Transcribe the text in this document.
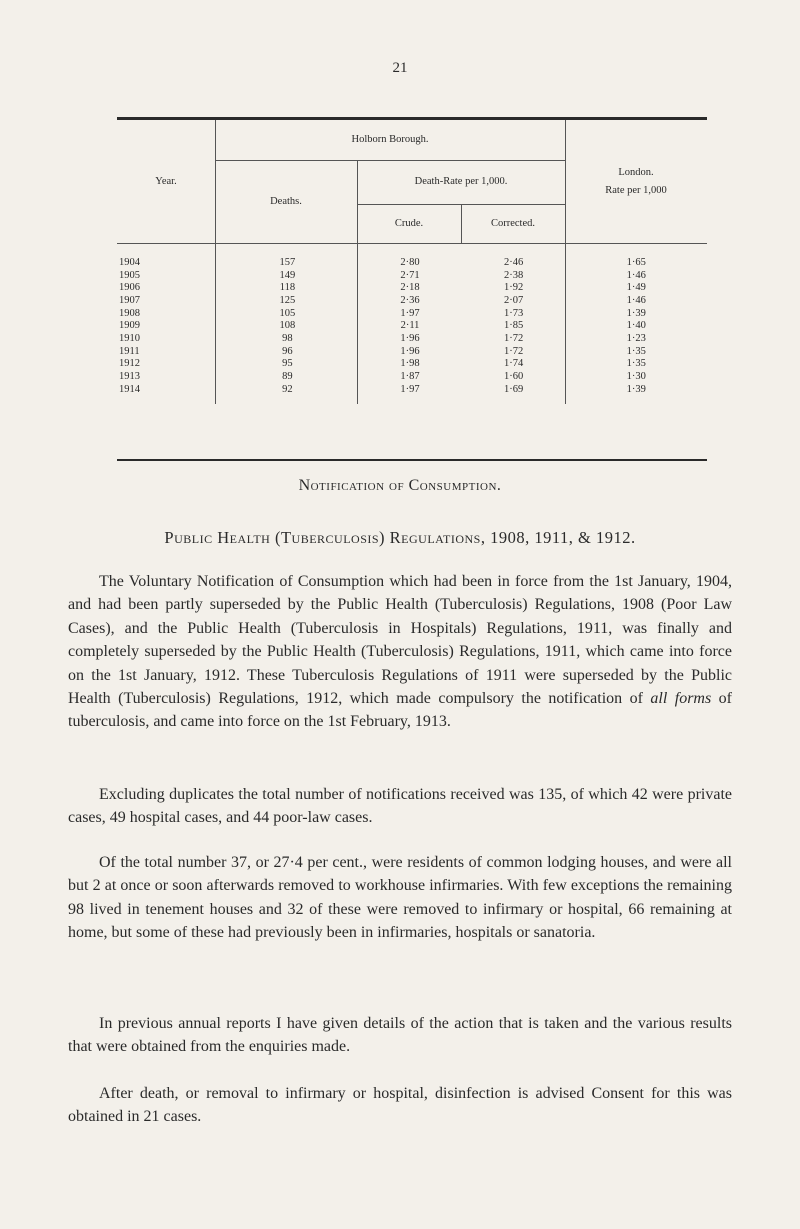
21
Year.
Holborn Borough.
Deaths.
Death-Rate per 1,000.
Crude.	Corrected.
London.
Rate per 1,000
1904	157	2·80	2·46	1·65
1905	149	2·71	2·38	1·46
1906	118	2·18	1·92	1·49
1907	125	2·36	2·07	1·46
1908	105	1·97	1·73	1·39
1909	108	2·11	1·85	1·40
1910	98	1·96	1·72	1·23
1911	96	1·96	1·72	1·35
1912	95	1·98	1·74	1·35
1913	89	1·87	1·60	1·30
1914	92	1·97	1·69	1·39
Notification of Consumption.
Public Health (Tuberculosis) Regulations, 1908, 1911, & 1912.

The Voluntary Notification of Consumption which had been in force from the 1st January, 1904, and had been partly superseded by the Public Health (Tuberculosis) Regulations, 1908 (Poor Law Cases), and the Public Health (Tuberculosis in Hospitals) Regulations, 1911, was finally and completely superseded by the Public Health (Tuberculosis) Regulations, 1911, which came into force on the 1st January, 1912. These Tuberculosis Regulations of 1911 were superseded by the Public Health (Tuberculosis) Regulations, 1912, which made compulsory the notification of all forms of tuberculosis, and came into force on the 1st February, 1913.

Excluding duplicates the total number of notifications received was 135, of which 42 were private cases, 49 hospital cases, and 44 poor-law cases.

Of the total number 37, or 27·4 per cent., were residents of common lodging houses, and were all but 2 at once or soon afterwards removed to workhouse infirmaries. With few exceptions the remaining 98 lived in tenement houses and 32 of these were removed to infirmary or hospital, 66 remaining at home, but some of these had previously been in infirmaries, hospitals or sanatoria.

In previous annual reports I have given details of the action that is taken and the various results that were obtained from the enquiries made.

After death, or removal to infirmary or hospital, disinfection is advised Consent for this was obtained in 21 cases.
